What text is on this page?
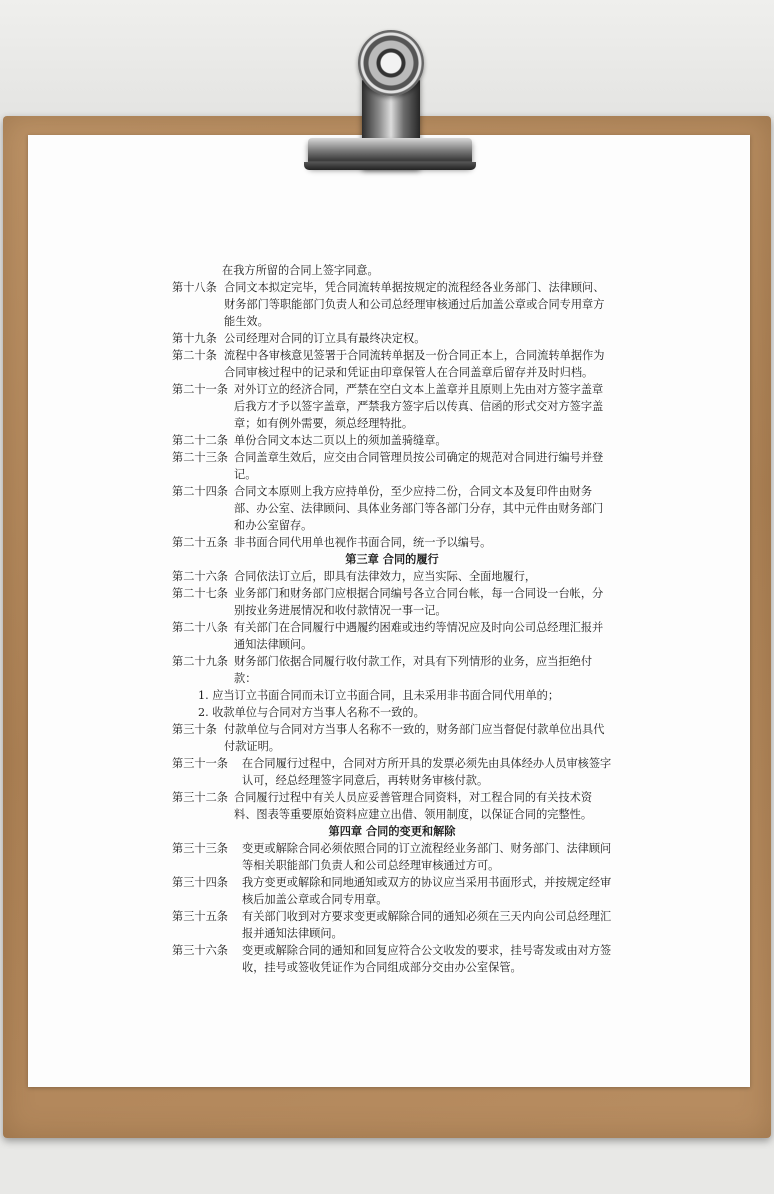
在我方所留的合同上签字同意。
第十八条 合同文本拟定完毕，凭合同流转单据按规定的流程经各业务部门、法律顾问、财务部门等职能部门负责人和公司总经理审核通过后加盖公章或合同专用章方能生效。
第十九条 公司经理对合同的订立具有最终决定权。
第二十条 流程中各审核意见签署于合同流转单据及一份合同正本上，合同流转单据作为合同审核过程中的记录和凭证由印章保管人在合同盖章后留存并及时归档。
第二十一条 对外订立的经济合同，严禁在空白文本上盖章并且原则上先由对方签字盖章后我方才予以签字盖章，严禁我方签字后以传真、信函的形式交对方签字盖章；如有例外需要，须总经理特批。
第二十二条 单份合同文本达二页以上的须加盖骑缝章。
第二十三条 合同盖章生效后，应交由合同管理员按公司确定的规范对合同进行编号并登记。
第二十四条 合同文本原则上我方应持单份，至少应持二份，合同文本及复印件由财务部、办公室、法律顾问、具体业务部门等各部门分存，其中元件由财务部门和办公室留存。
第二十五条 非书面合同代用单也视作书面合同，统一予以编号。
第三章 合同的履行
第二十六条 合同依法订立后，即具有法律效力，应当实际、全面地履行，
第二十七条 业务部门和财务部门应根据合同编号各立合同台帐，每一合同设一台帐，分别按业务进展情况和收付款情况一事一记。
第二十八条 有关部门在合同履行中遇履约困难或违约等情况应及时向公司总经理汇报并通知法律顾问。
第二十九条 财务部门依据合同履行收付款工作，对具有下列情形的业务，应当拒绝付款：
1. 应当订立书面合同而未订立书面合同，且未采用非书面合同代用单的；
2. 收款单位与合同对方当事人名称不一致的。
第三十条 付款单位与合同对方当事人名称不一致的，财务部门应当督促付款单位出具代付款证明。
第三十一条 在合同履行过程中，合同对方所开具的发票必须先由具体经办人员审核签字认可，经总经理签字同意后，再转财务审核付款。
第三十二条 合同履行过程中有关人员应妥善管理合同资料，对工程合同的有关技术资料、图表等重要原始资料应建立出借、领用制度，以保证合同的完整性。
第四章 合同的变更和解除
第三十三条 变更或解除合同必须依照合同的订立流程经业务部门、财务部门、法律顾问等相关职能部门负责人和公司总经理审核通过方可。
第三十四条 我方变更或解除和同地通知或双方的协议应当采用书面形式，并按规定经审核后加盖公章或合同专用章。
第三十五条 有关部门收到对方要求变更或解除合同的通知必须在三天内向公司总经理汇报并通知法律顾问。
第三十六条 变更或解除合同的通知和回复应符合公文收发的要求，挂号寄发或由对方签收，挂号或签收凭证作为合同组成部分交由办公室保管。
